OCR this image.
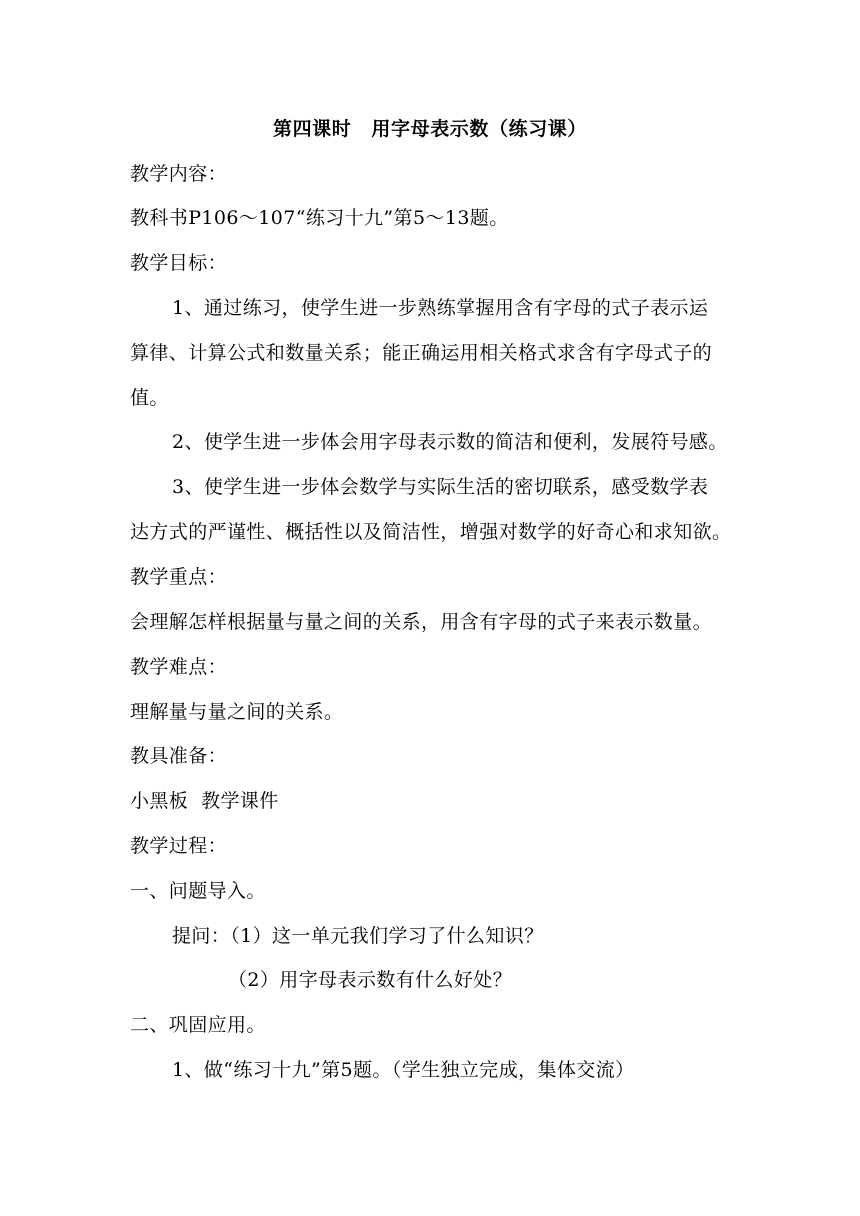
第四课时 用字母表示数（练习课）
教学内容：
教科书P106～107“练习十九”第5～13题。
教学目标：
1、通过练习，使学生进一步熟练掌握用含有字母的式子表示运
算律、计算公式和数量关系；能正确运用相关格式求含有字母式子的
值。
2、使学生进一步体会用字母表示数的简洁和便利，发展符号感。
3、使学生进一步体会数学与实际生活的密切联系，感受数学表
达方式的严谨性、概括性以及简洁性，增强对数学的好奇心和求知欲。
教学重点：
会理解怎样根据量与量之间的关系，用含有字母的式子来表示数量。
教学难点：
理解量与量之间的关系。
教具准备：
小黑板  教学课件
教学过程：
一、问题导入。
提问：（1）这一单元我们学习了什么知识？
（2）用字母表示数有什么好处？
二、巩固应用。
1、做“练习十九”第5题。（学生独立完成，集体交流）
